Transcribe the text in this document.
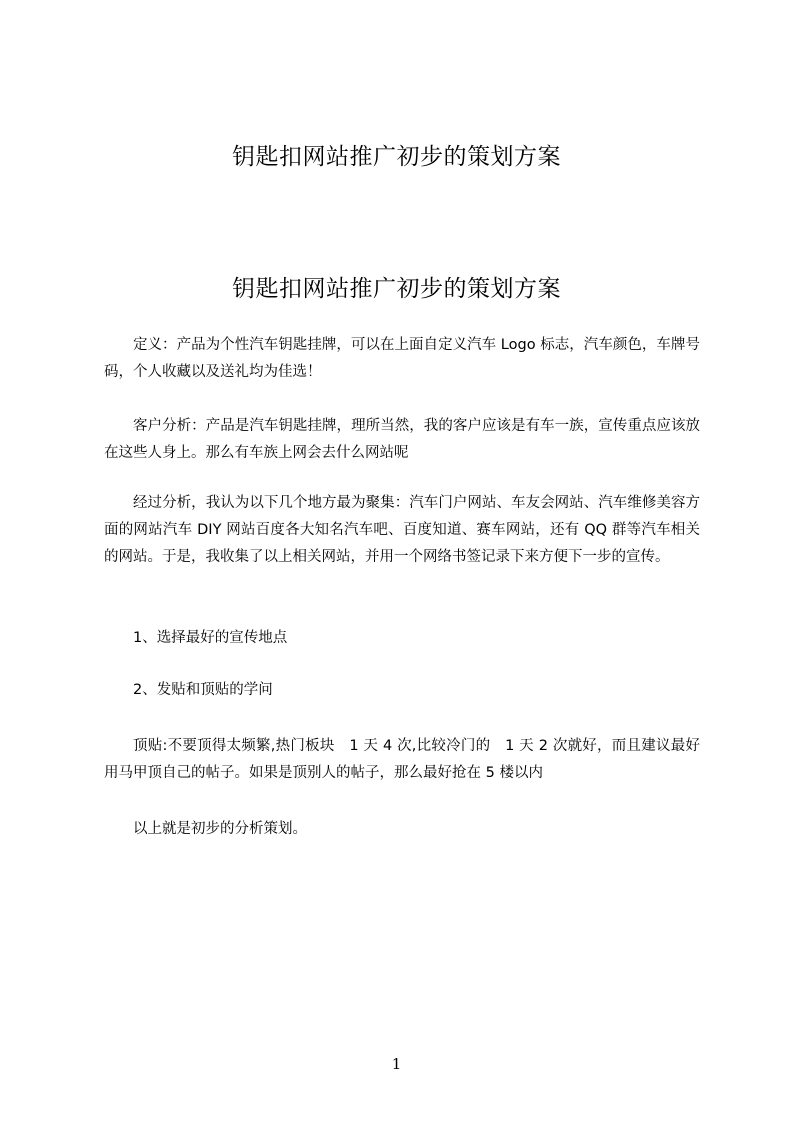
钥匙扣网站推广初步的策划方案
钥匙扣网站推广初步的策划方案

定义：产品为个性汽车钥匙挂牌，可以在上面自定义汽车 Logo 标志，汽车颜色，车牌号码，个人收藏以及送礼均为佳选！

客户分析：产品是汽车钥匙挂牌，理所当然，我的客户应该是有车一族，宣传重点应该放在这些人身上。那么有车族上网会去什么网站呢

经过分析，我认为以下几个地方最为聚集：汽车门户网站、车友会网站、汽车维修美容方面的网站汽车 DIY 网站百度各大知名汽车吧、百度知道、赛车网站，还有 QQ 群等汽车相关的网站。于是，我收集了以上相关网站，并用一个网络书签记录下来方便下一步的宣传。

1、选择最好的宣传地点

2、发贴和顶贴的学问

顶贴:不要顶得太频繁,热门板块　1 天 4 次,比较冷门的　1 天 2 次就好，而且建议最好用马甲顶自己的帖子。如果是顶别人的帖子，那么最好抢在 5 楼以内

以上就是初步的分析策划。

1
